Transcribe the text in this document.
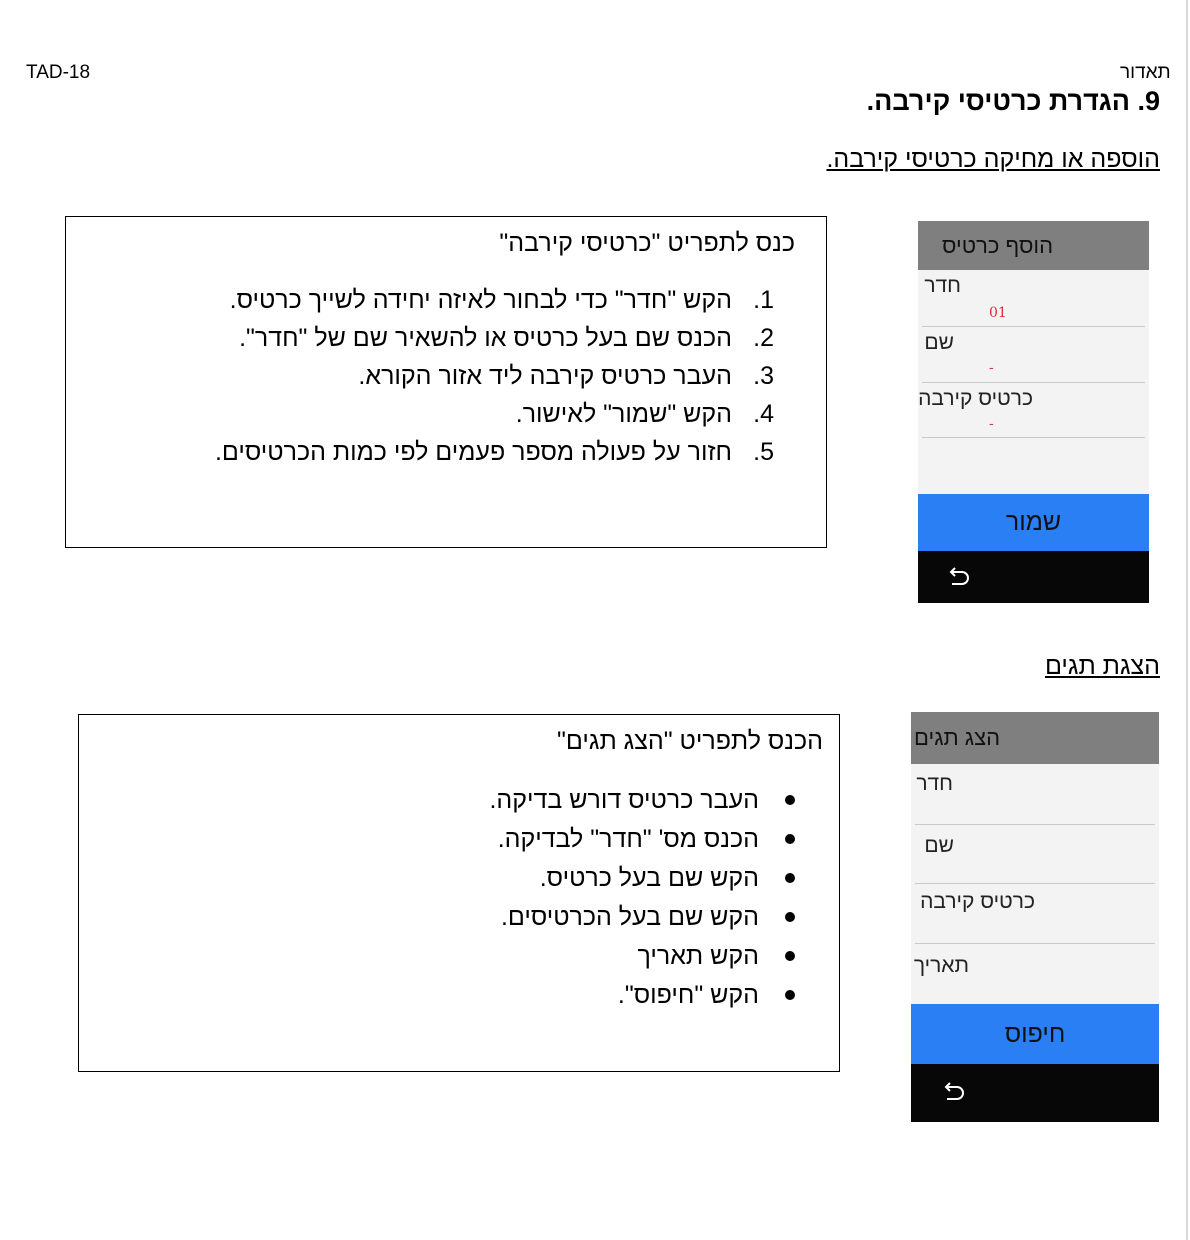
תאדור
TAD-18
9. הגדרת כרטיסי קירבה.
הוספה או מחיקה כרטיסי קירבה.
כנס לתפריט "כרטיסי קירבה"
1.הקש "חדר" כדי לבחור לאיזה יחידה לשייך כרטיס.
2.הכנס שם בעל כרטיס או להשאיר שם של "חדר".
3.העבר כרטיס קירבה ליד אזור הקורא.
4.הקש "שמור" לאישור.
5.חזור על פעולה מספר פעמים לפי כמות הכרטיסים.
הוסף כרטיס
חדר
01
שם
-
כרטיס קירבה
-
שמור
הצגת תגים
הכנס לתפריט "הצג תגים"
העבר כרטיס דורש בדיקה.
הכנס מס' "חדר" לבדיקה.
הקש שם בעל כרטיס.
הקש שם בעל הכרטיסים.
הקש תאריך
הקש "חיפוס".
הצג תגים
חדר
שם
כרטיס קירבה
תאריך
חיפוס
